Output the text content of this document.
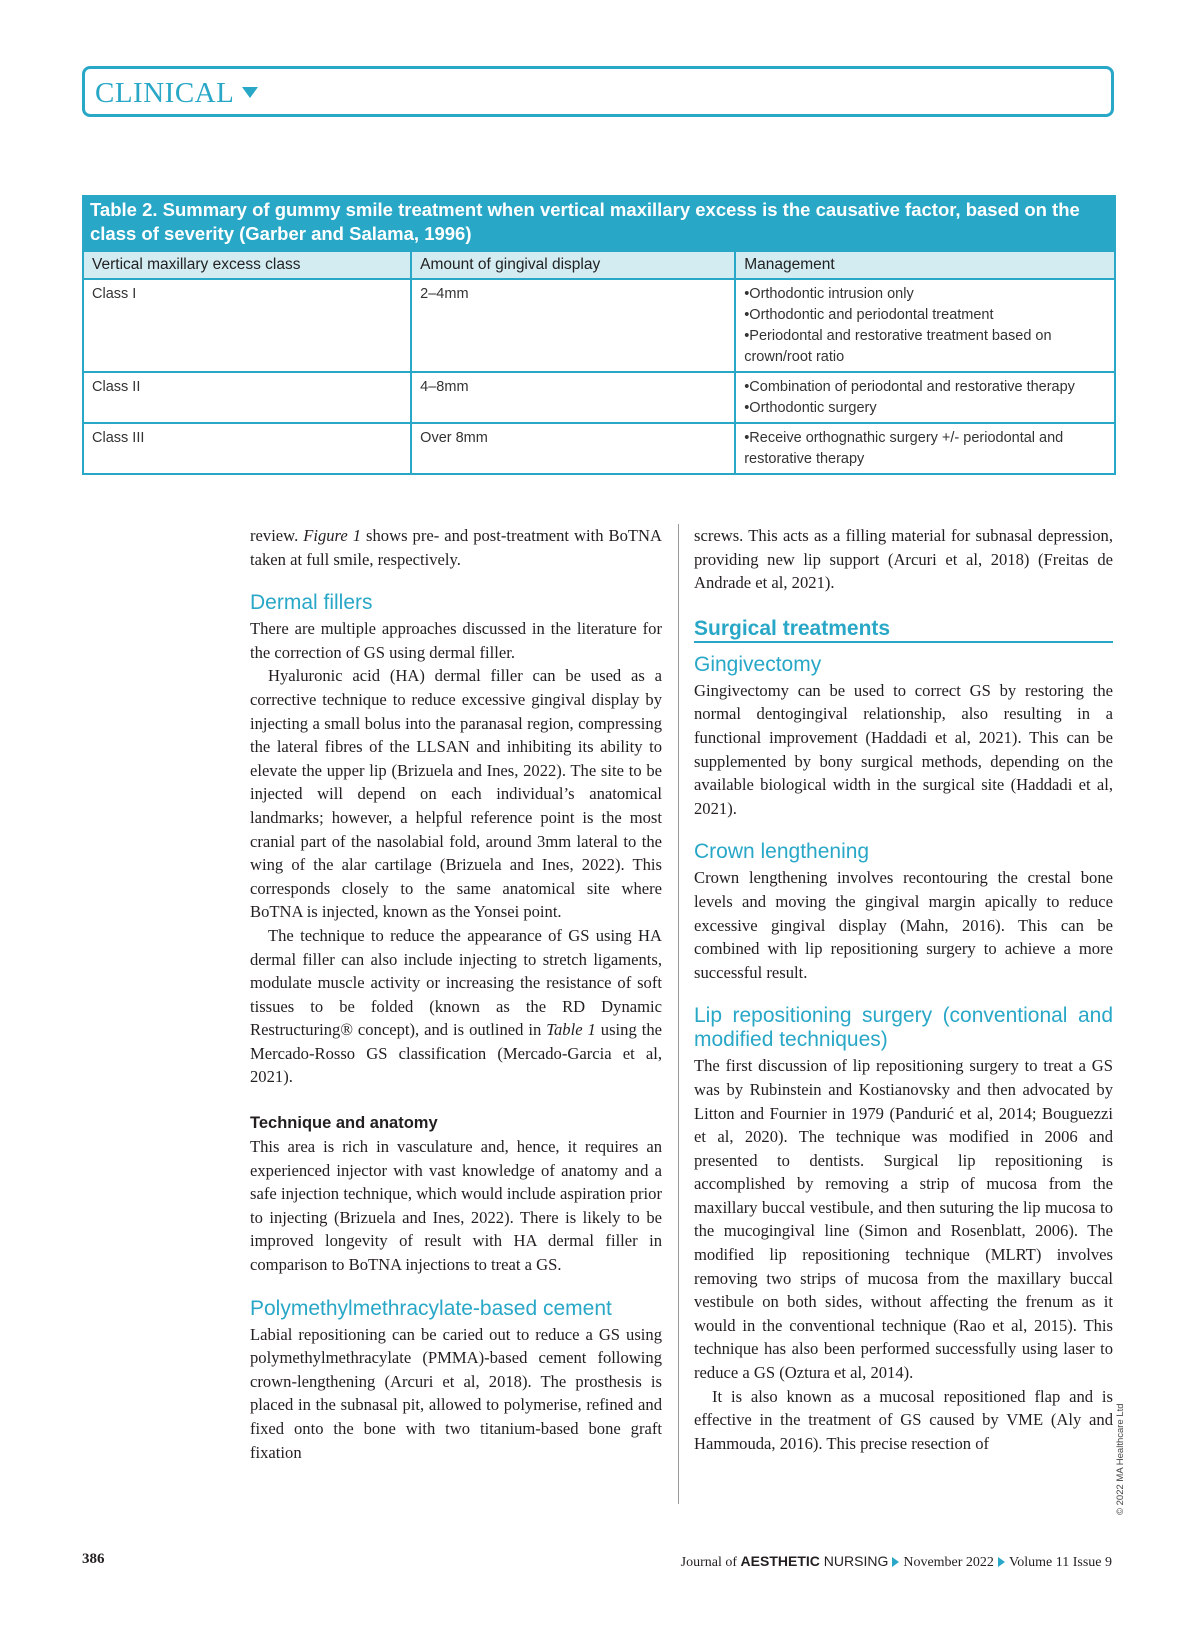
CLINICAL
Table 2. Summary of gummy smile treatment when vertical maxillary excess is the causative factor, based on the class of severity (Garber and Salama, 1996)
Vertical maxillary excess class	Amount of gingival display	Management
Class I	2–4mm	•Orthodontic intrusion only
•Orthodontic and periodontal treatment
•Periodontal and restorative treatment based on crown/root ratio

Class II	4–8mm	•Combination of periodontal and restorative therapy
•Orthodontic surgery

Class III	Over 8mm	•Receive orthognathic surgery +/- periodontal and restorative therapy

review. Figure 1 shows pre- and post-treatment with BoTNA taken at full smile, respectively.

Dermal fillers

There are multiple approaches discussed in the literature for the correction of GS using dermal filler.

Hyaluronic acid (HA) dermal filler can be used as a corrective technique to reduce excessive gingival display by injecting a small bolus into the paranasal region, compressing the lateral fibres of the LLSAN and inhibiting its ability to elevate the upper lip (Brizuela and Ines, 2022). The site to be injected will depend on each individual’s anatomical landmarks; however, a helpful reference point is the most cranial part of the nasolabial fold, around 3mm lateral to the wing of the alar cartilage (Brizuela and Ines, 2022). This corresponds closely to the same anatomical site where BoTNA is injected, known as the Yonsei point.

The technique to reduce the appearance of GS using HA dermal filler can also include injecting to stretch ligaments, modulate muscle activity or increasing the resistance of soft tissues to be folded (known as the RD Dynamic Restructuring® concept), and is outlined in Table 1 using the Mercado-Rosso GS classification (Mercado-Garcia et al, 2021).

Technique and anatomy

This area is rich in vasculature and, hence, it requires an experienced injector with vast knowledge of anatomy and a safe injection technique, which would include aspiration prior to injecting (Brizuela and Ines, 2022). There is likely to be improved longevity of result with HA dermal filler in comparison to BoTNA injections to treat a GS.

Polymethylmethracylate-based cement

Labial repositioning can be caried out to reduce a GS using polymethylmethracylate (PMMA)-based cement following crown-lengthening (Arcuri et al, 2018). The prosthesis is placed in the subnasal pit, allowed to polymerise, refined and fixed onto the bone with two titanium-based bone graft fixation

screws. This acts as a filling material for subnasal depression, providing new lip support (Arcuri et al, 2018) (Freitas de Andrade et al, 2021).

Surgical treatments
Gingivectomy

Gingivectomy can be used to correct GS by restoring the normal dentogingival relationship, also resulting in a functional improvement (Haddadi et al, 2021). This can be supplemented by bony surgical methods, depending on the available biological width in the surgical site (Haddadi et al, 2021).

Crown lengthening

Crown lengthening involves recontouring the crestal bone levels and moving the gingival margin apically to reduce excessive gingival display (Mahn, 2016). This can be combined with lip repositioning surgery to achieve a more successful result.

Lip repositioning surgery (conventional and modified techniques)

The first discussion of lip repositioning surgery to treat a GS was by Rubinstein and Kostianovsky and then advocated by Litton and Fournier in 1979 (Pandurić et al, 2014; Bouguezzi et al, 2020). The technique was modified in 2006 and presented to dentists. Surgical lip repositioning is accomplished by removing a strip of mucosa from the maxillary buccal vestibule, and then suturing the lip mucosa to the mucogingival line (Simon and Rosenblatt, 2006). The modified lip repositioning technique (MLRT) involves removing two strips of mucosa from the maxillary buccal vestibule on both sides, without affecting the frenum as it would in the conventional technique (Rao et al, 2015). This technique has also been performed successfully using laser to reduce a GS (Oztura et al, 2014).

It is also known as a mucosal repositioned flap and is effective in the treatment of GS caused by VME (Aly and Hammouda, 2016). This precise resection of	© 2022 MA Healthcare Ltd
386	Journal of AESTHETIC NURSING November 2022 Volume 11 Issue 9
